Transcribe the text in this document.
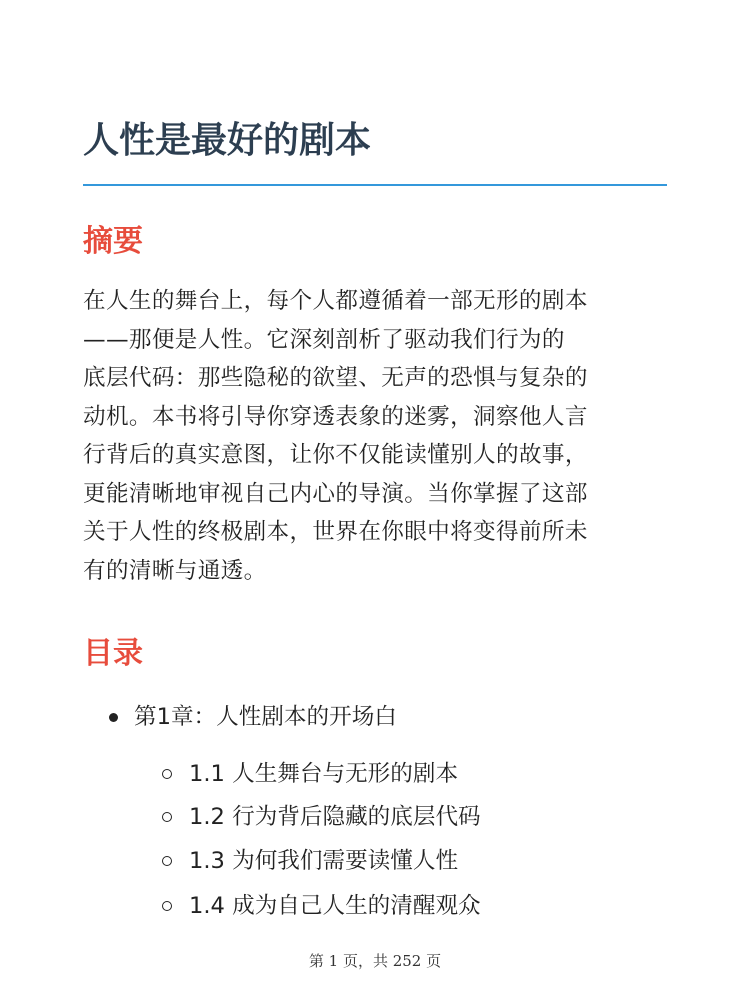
人性是最好的剧本
摘要

在人生的舞台上，每个人都遵循着一部无形的剧本
——那便是人性。它深刻剖析了驱动我们行为的
底层代码：那些隐秘的欲望、无声的恐惧与复杂的
动机。本书将引导你穿透表象的迷雾，洞察他人言
行背后的真实意图，让你不仅能读懂别人的故事，
更能清晰地审视自己内心的导演。当你掌握了这部
关于人性的终极剧本，世界在你眼中将变得前所未
有的清晰与通透。

目录
第1章：人性剧本的开场白
1.1 人生舞台与无形的剧本
1.2 行为背后隐藏的底层代码
1.3 为何我们需要读懂人性
1.4 成为自己人生的清醒观众
第 1 页，共 252 页
